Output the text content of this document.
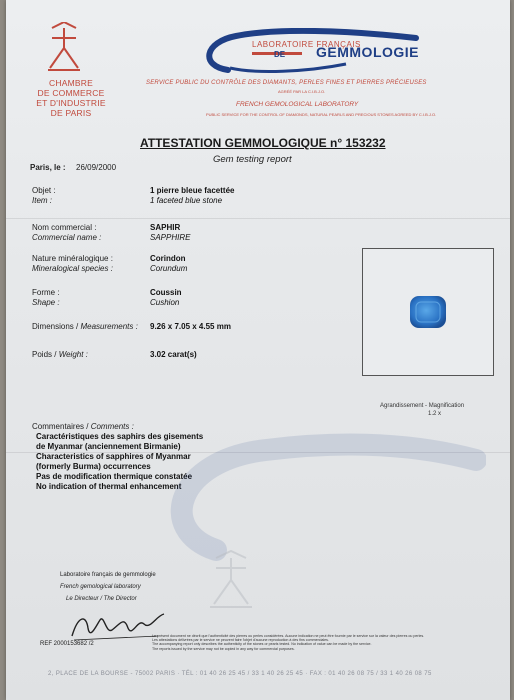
CHAMBRE
DE COMMERCE
ET D'INDUSTRIE
DE PARIS
LABORATOIRE FRANÇAIS
DE GEMMOLOGIE
SERVICE PUBLIC DU CONTRÔLE DES DIAMANTS, PERLES FINES ET PIERRES PRÉCIEUSES
AGRÉÉ PAR LA C.I.B.J.O.
FRENCH GEMOLOGICAL LABORATORY
PUBLIC SERVICE FOR THE CONTROL OF DIAMONDS, NATURAL PEARLS AND PRECIOUS STONES AGREED BY C.I.B.J.O.
ATTESTATION GEMMOLOGIQUE n° 153232
Gem testing report
Paris, le : 26/09/2000
Objet :
Item :
1 pierre bleue facettée
1 faceted blue stone
Nom commercial :
Commercial name :
SAPHIR
SAPPHIRE
Nature minéralogique :
Mineralogical species :
Corindon
Corundum
Forme :
Shape :
Coussin
Cushion
Dimensions / Measurements : 9.26 x 7.05 x 4.55 mm
Poids / Weight :	3.02 carat(s)
Agrandissement - Magnification
1.2 x
Commentaires / Comments :
Caractéristiques des saphirs des gisements
de Myanmar (anciennement Birmanie)
Characteristics of sapphires of Myanmar
(formerly Burma) occurrences
Pas de modification thermique constatée
No indication of thermal enhancement
Laboratoire français de gemmologie
French gemological laboratory
Le Directeur / The Director
REF 2000153682 /2
Le présent document ne décrit que l'authenticité des pierres ou perles considérées. Aucune indication ne peut être fournie par le service sur la valeur des pierres ou perles.
Les attestations délivrées par le service ne peuvent faire l'objet d'aucune reproduction à des fins commerciales.
The accompanying report only describes the authenticity of the stones or pearls tested. No indication of value can be made by the service.
The reports issued by the service may not be copied in any way for commercial purposes.
2, PLACE DE LA BOURSE - 75002 PARIS · TÉL : 01 40 26 25 45 / 33 1 40 26 25 45 · FAX : 01 40 26 08 75 / 33 1 40 26 08 75
